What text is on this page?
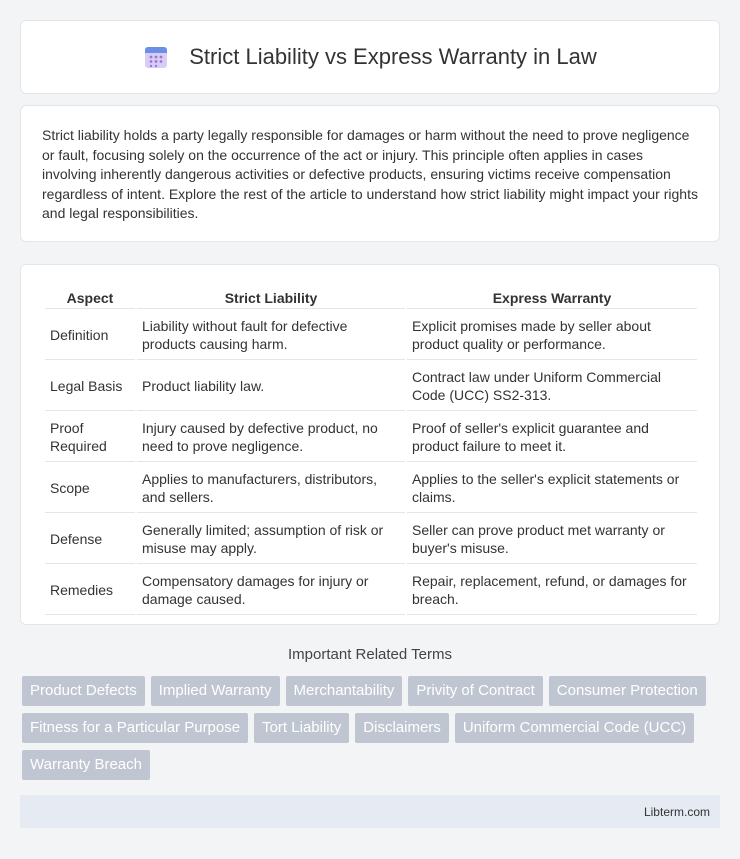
Strict Liability vs Express Warranty in Law

Strict liability holds a party legally responsible for damages or harm without the need to prove negligence or fault, focusing solely on the occurrence of the act or injury. This principle often applies in cases involving inherently dangerous activities or defective products, ensuring victims receive compensation regardless of intent. Explore the rest of the article to understand how strict liability might impact your rights and legal responsibilities.

Aspect	Strict Liability	Express Warranty
Definition	Liability without fault for defective products causing harm.	Explicit promises made by seller about product quality or performance.
Legal Basis	Product liability law.	Contract law under Uniform Commercial Code (UCC) SS2-313.
Proof Required	Injury caused by defective product, no need to prove negligence.	Proof of seller's explicit guarantee and product failure to meet it.
Scope	Applies to manufacturers, distributors, and sellers.	Applies to the seller's explicit statements or claims.
Defense	Generally limited; assumption of risk or misuse may apply.	Seller can prove product met warranty or buyer's misuse.
Remedies	Compensatory damages for injury or damage caused.	Repair, replacement, refund, or damages for breach.
Important Related Terms
Product Defects	Implied Warranty	Merchantability	Privity of Contract	Consumer Protection
Fitness for a Particular Purpose	Tort Liability	Disclaimers	Uniform Commercial Code (UCC)
Warranty Breach
Libterm.com
